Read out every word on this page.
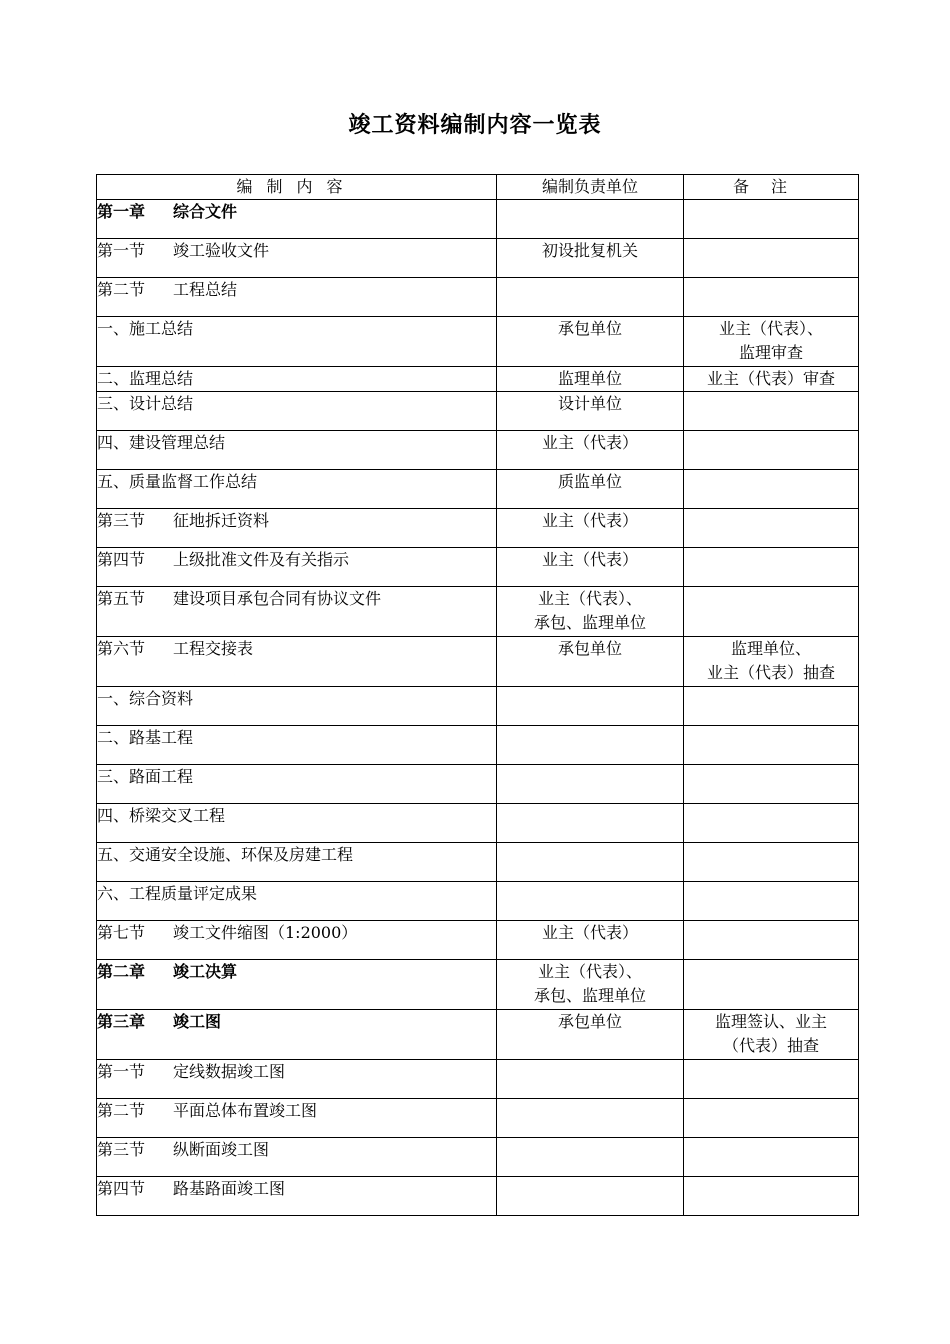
竣工资料编制内容一览表
编制内容	编制负责单位	备注
第一章 综合文件		
第一节 竣工验收文件	初设批复机关	
第二节 工程总结		
一、施工总结	承包单位	业主（代表）、
监理审查
二、监理总结	监理单位	业主（代表）审查
三、设计总结	设计单位	
四、建设管理总结	业主（代表）	
五、质量监督工作总结	质监单位	
第三节 征地拆迁资料	业主（代表）	
第四节 上级批准文件及有关指示	业主（代表）	
第五节 建设项目承包合同有协议文件	业主（代表）、
承包、监理单位	
第六节 工程交接表	承包单位	监理单位、
业主（代表）抽查
一、综合资料		
二、路基工程		
三、路面工程		
四、桥梁交叉工程		
五、交通安全设施、环保及房建工程		
六、工程质量评定成果		
第七节 竣工文件缩图（1:2000）	业主（代表）	
第二章 竣工决算	业主（代表）、
承包、监理单位	
第三章 竣工图	承包单位	监理签认、业主
（代表）抽查
第一节 定线数据竣工图		
第二节 平面总体布置竣工图		
第三节 纵断面竣工图		
第四节 路基路面竣工图		
